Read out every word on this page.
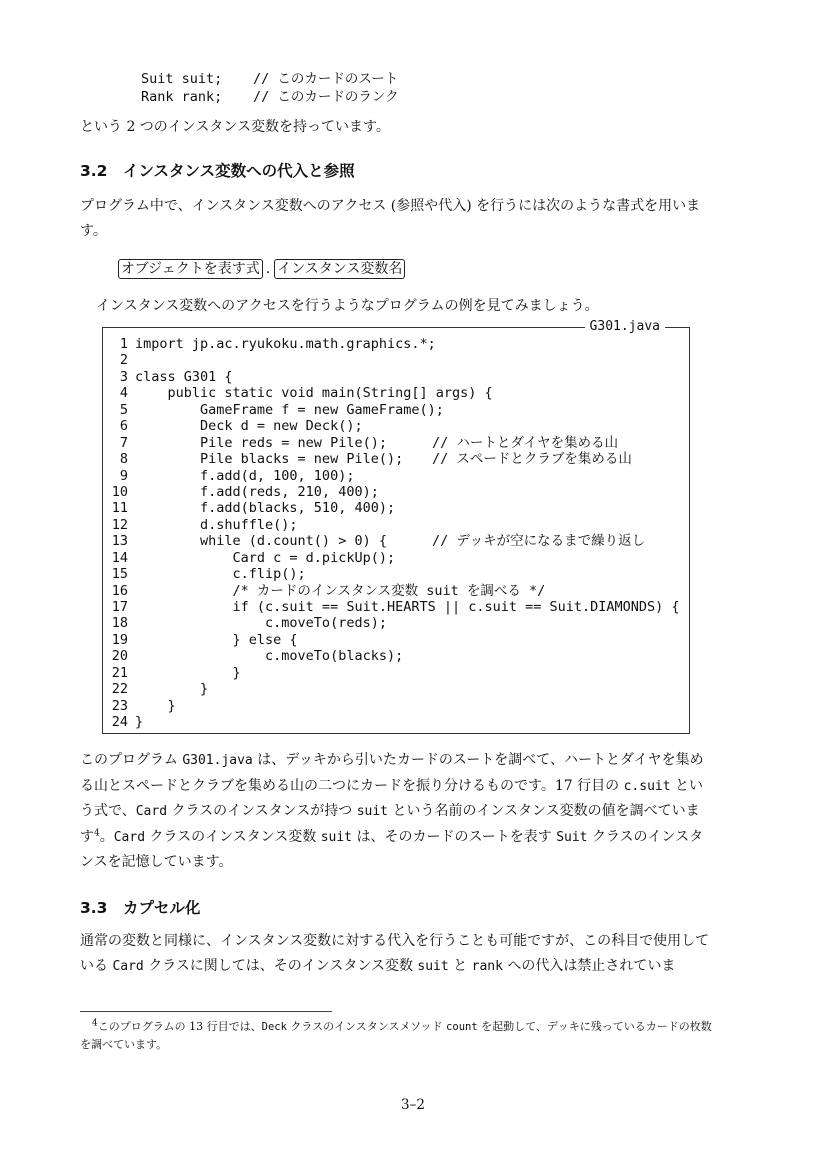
Suit suit; // このカードのスート
Rank rank; // このカードのランク
という 2 つのインスタンス変数を持っています。
3.2 インスタンス変数への代入と参照
プログラム中で、インスタンス変数へのアクセス (参照や代入) を行うには次のような書式を用います。
オブジェクトを表す式 . インスタンス変数名
インスタンス変数へのアクセスを行うようなプログラムの例を見てみましょう。
G301.java
1 import jp.ac.ryukoku.math.graphics.*;
2
3 class G301 {
4 public static void main(String[] args) {
5 GameFrame f = new GameFrame();
6 Deck d = new Deck();
7 Pile reds = new Pile();	// ハートとダイヤを集める山
8 Pile blacks = new Pile(); // スペードとクラブを集める山
9 f.add(d, 100, 100);
10 f.add(reds, 210, 400);
11 f.add(blacks, 510, 400);
12 d.shuffle();
13 while (d.count() > 0) {	// デッキが空になるまで繰り返し
14 Card c = d.pickUp();
15 c.flip();
16 /* カードのインスタンス変数 suit を調べる */
17 if (c.suit == Suit.HEARTS || c.suit == Suit.DIAMONDS) {
18 c.moveTo(reds);
19 } else {
20 c.moveTo(blacks);
21 }
22 }
23 }
24 }
このプログラム G301.java は、デッキから引いたカードのスートを調べて、ハートとダイヤを集める山とスペードとクラブを集める山の二つにカードを振り分けるものです。17 行目の c.suit という式で、Card クラスのインスタンスが持つ suit という名前のインスタンス変数の値を調べています$^4$。Card クラスのインスタンス変数 suit は、そのカードのスートを表す Suit クラスのインスタンスを記憶しています。
3.3 カプセル化
通常の変数と同様に、インスタンス変数に対する代入を行うことも可能ですが、この科目で使用している Card クラスに関しては、そのインスタンス変数 suit と rank への代入は禁止されていま
$^4$このプログラムの 13 行目では、Deck クラスのインスタンスメソッド count を起動して、デッキに残っているカードの枚数を調べています。
3–2
